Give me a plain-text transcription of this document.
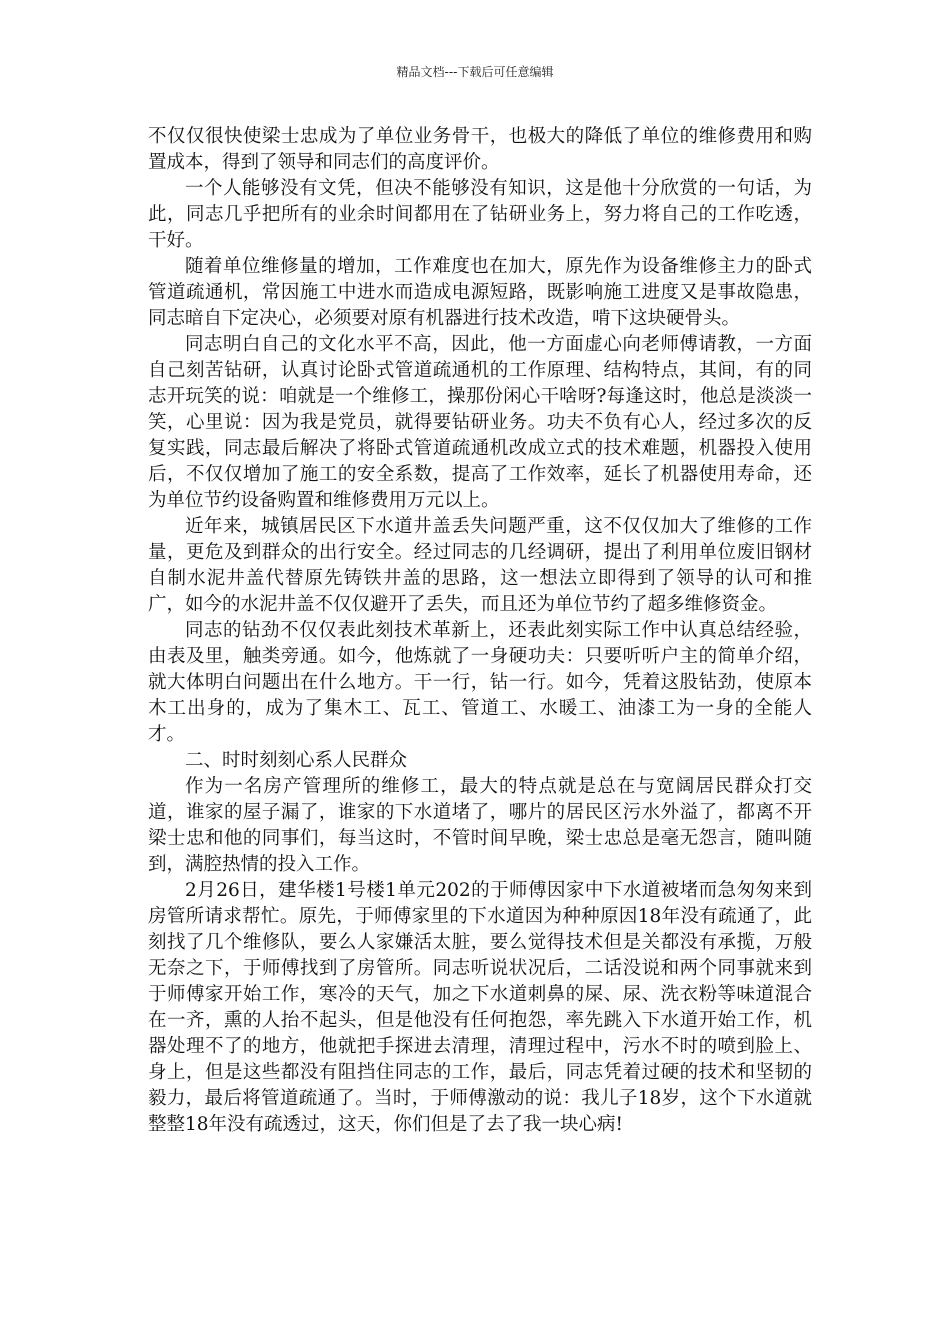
精品文档---下载后可任意编辑

不仅仅很快使梁士忠成为了单位业务骨干，也极大的降低了单位的维修费用和购置成本，得到了领导和同志们的高度评价。

一个人能够没有文凭，但决不能够没有知识，这是他十分欣赏的一句话，为此，同志几乎把所有的业余时间都用在了钻研业务上，努力将自己的工作吃透，干好。

随着单位维修量的增加，工作难度也在加大，原先作为设备维修主力的卧式管道疏通机，常因施工中进水而造成电源短路，既影响施工进度又是事故隐患，同志暗自下定决心，必须要对原有机器进行技术改造，啃下这块硬骨头。

同志明白自己的文化水平不高，因此，他一方面虚心向老师傅请教，一方面自己刻苦钻研，认真讨论卧式管道疏通机的工作原理、结构特点，其间，有的同志开玩笑的说：咱就是一个维修工，操那份闲心干啥呀?每逢这时，他总是淡淡一笑，心里说：因为我是党员，就得要钻研业务。功夫不负有心人，经过多次的反复实践，同志最后解决了将卧式管道疏通机改成立式的技术难题，机器投入使用后，不仅仅增加了施工的安全系数，提高了工作效率，延长了机器使用寿命，还为单位节约设备购置和维修费用万元以上。

近年来，城镇居民区下水道井盖丢失问题严重，这不仅仅加大了维修的工作量，更危及到群众的出行安全。经过同志的几经调研，提出了利用单位废旧钢材自制水泥井盖代替原先铸铁井盖的思路，这一想法立即得到了领导的认可和推广，如今的水泥井盖不仅仅避开了丢失，而且还为单位节约了超多维修资金。

同志的钻劲不仅仅表此刻技术革新上，还表此刻实际工作中认真总结经验，由表及里，触类旁通。如今，他炼就了一身硬功夫：只要听听户主的简单介绍，就大体明白问题出在什么地方。干一行，钻一行。如今，凭着这股钻劲，使原本木工出身的，成为了集木工、瓦工、管道工、水暖工、油漆工为一身的全能人才。

二、时时刻刻心系人民群众

作为一名房产管理所的维修工，最大的特点就是总在与宽阔居民群众打交道，谁家的屋子漏了，谁家的下水道堵了，哪片的居民区污水外溢了，都离不开梁士忠和他的同事们，每当这时，不管时间早晚，梁士忠总是毫无怨言，随叫随到，满腔热情的投入工作。

2月26日，建华楼1号楼1单元202的于师傅因家中下水道被堵而急匆匆来到房管所请求帮忙。原先，于师傅家里的下水道因为种种原因18年没有疏通了，此刻找了几个维修队，要么人家嫌活太脏，要么觉得技术但是关都没有承揽，万般无奈之下，于师傅找到了房管所。同志听说状况后，二话没说和两个同事就来到于师傅家开始工作，寒冷的天气，加之下水道刺鼻的屎、尿、洗衣粉等味道混合在一齐，熏的人抬不起头，但是他没有任何抱怨，率先跳入下水道开始工作，机器处理不了的地方，他就把手探进去清理，清理过程中，污水不时的喷到脸上、身上，但是这些都没有阻挡住同志的工作，最后，同志凭着过硬的技术和坚韧的毅力，最后将管道疏通了。当时，于师傅激动的说：我儿子18岁，这个下水道就整整18年没有疏透过，这天，你们但是了去了我一块心病!
